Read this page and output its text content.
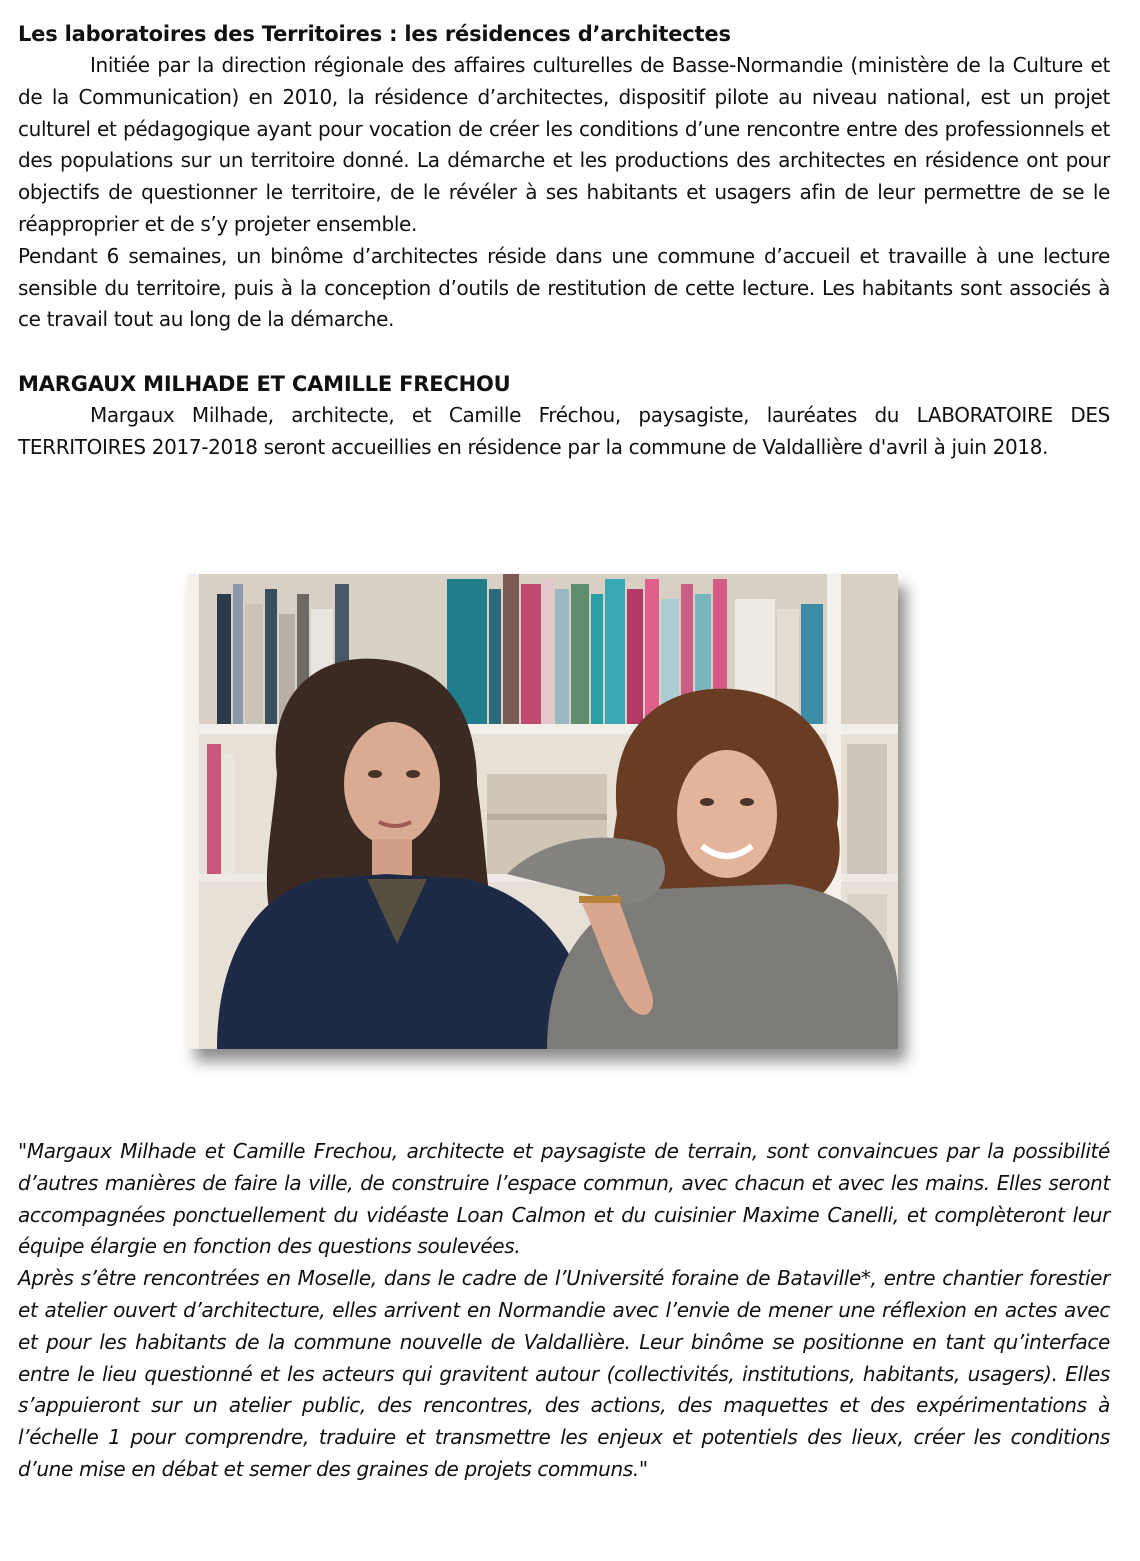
Les laboratoires des Territoires : les résidences d’architectes

Initiée par la direction régionale des affaires culturelles de Basse-Normandie (ministère de la Culture et de la Communication) en 2010, la résidence d’architectes, dispositif pilote au niveau national, est un projet culturel et pédagogique ayant pour vocation de créer les conditions d’une rencontre entre des professionnels et des populations sur un territoire donné. La démarche et les productions des architectes en résidence ont pour objectifs de questionner le territoire, de le révéler à ses habitants et usagers afin de leur permettre de se le réapproprier et de s’y projeter ensemble.

Pendant 6 semaines, un binôme d’architectes réside dans une commune d’accueil et travaille à une lecture sensible du territoire, puis à la conception d’outils de restitution de cette lecture. Les habitants sont associés à ce travail tout au long de la démarche.

MARGAUX MILHADE ET CAMILLE FRECHOU

Margaux Milhade, architecte, et Camille Fréchou, paysagiste, lauréates du LABORATOIRE DES TERRITOIRES 2017-2018 seront accueillies en résidence par la commune de Valdallière d'avril à juin 2018.

"Margaux Milhade et Camille Frechou, architecte et paysagiste de terrain, sont convaincues par la possibilité d’autres manières de faire la ville, de construire l’espace commun, avec chacun et avec les mains. Elles seront accompagnées ponctuellement du vidéaste Loan Calmon et du cuisinier Maxime Canelli, et complèteront leur équipe élargie en fonction des questions soulevées.

Après s’être rencontrées en Moselle, dans le cadre de l’Université foraine de Bataville*, entre chantier forestier et atelier ouvert d’architecture, elles arrivent en Normandie avec l’envie de mener une réflexion en actes avec et pour les habitants de la commune nouvelle de Valdallière. Leur binôme se positionne en tant qu’interface entre le lieu questionné et les acteurs qui gravitent autour (collectivités, institutions, habitants, usagers). Elles s’appuieront sur un atelier public, des rencontres, des actions, des maquettes et des expérimentations à l’échelle 1 pour comprendre, traduire et transmettre les enjeux et potentiels des lieux, créer les conditions d’une mise en débat et semer des graines de projets communs."
